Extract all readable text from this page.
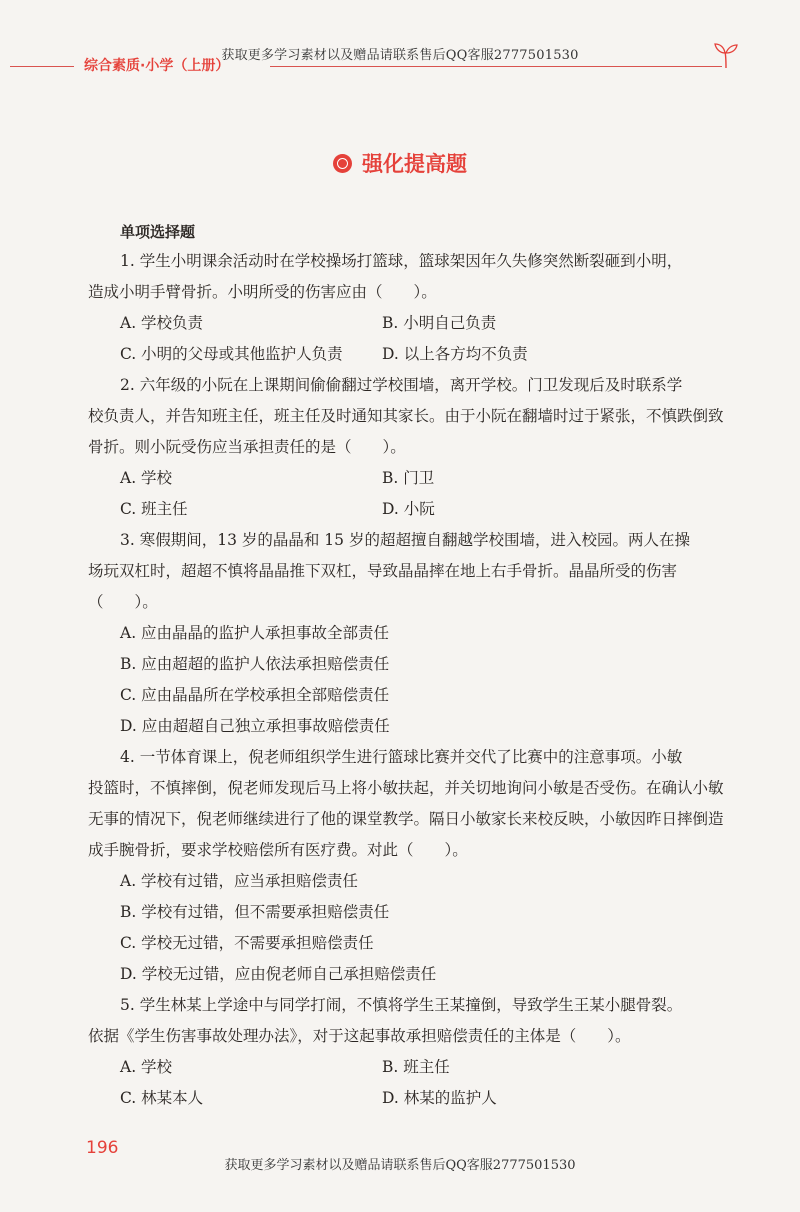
获取更多学习素材以及赠品请联系售后QQ客服2777501530
综合素质·小学（上册）
强化提高题
单项选择题
1. 学生小明课余活动时在学校操场打篮球，篮球架因年久失修突然断裂砸到小明，
造成小明手臂骨折。小明所受的伤害应由（　　）。
A. 学校负责	B. 小明自己负责
C. 小明的父母或其他监护人负责	D. 以上各方均不负责
2. 六年级的小阮在上课期间偷偷翻过学校围墙，离开学校。门卫发现后及时联系学
校负责人，并告知班主任，班主任及时通知其家长。由于小阮在翻墙时过于紧张，不慎跌倒致骨折。则小阮受伤应当承担责任的是（　　）。
A. 学校	B. 门卫
C. 班主任	D. 小阮
3. 寒假期间，13 岁的晶晶和 15 岁的超超擅自翻越学校围墙，进入校园。两人在操
场玩双杠时，超超不慎将晶晶推下双杠，导致晶晶摔在地上右手骨折。晶晶所受的伤害（　　）。
A. 应由晶晶的监护人承担事故全部责任
B. 应由超超的监护人依法承担赔偿责任
C. 应由晶晶所在学校承担全部赔偿责任
D. 应由超超自己独立承担事故赔偿责任
4. 一节体育课上，倪老师组织学生进行篮球比赛并交代了比赛中的注意事项。小敏
投篮时，不慎摔倒，倪老师发现后马上将小敏扶起，并关切地询问小敏是否受伤。在确认小敏无事的情况下，倪老师继续进行了他的课堂教学。隔日小敏家长来校反映，小敏因昨日摔倒造成手腕骨折，要求学校赔偿所有医疗费。对此（　　）。
A. 学校有过错，应当承担赔偿责任
B. 学校有过错，但不需要承担赔偿责任
C. 学校无过错，不需要承担赔偿责任
D. 学校无过错，应由倪老师自己承担赔偿责任
5. 学生林某上学途中与同学打闹，不慎将学生王某撞倒，导致学生王某小腿骨裂。
依据《学生伤害事故处理办法》，对于这起事故承担赔偿责任的主体是（　　）。
A. 学校	B. 班主任
C. 林某本人	D. 林某的监护人
196
获取更多学习素材以及赠品请联系售后QQ客服2777501530
